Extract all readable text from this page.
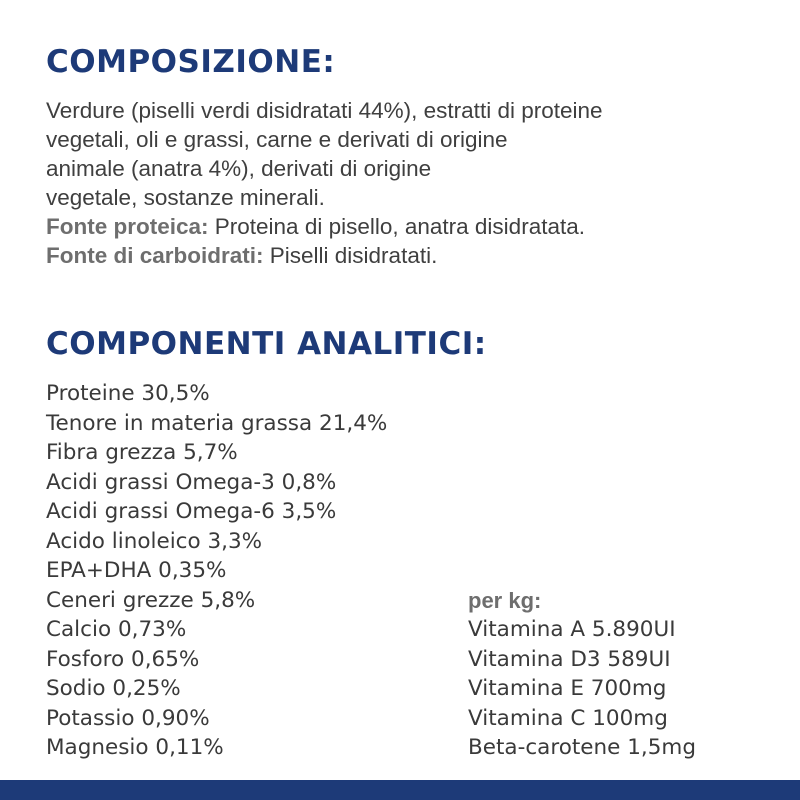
COMPOSIZIONE:
Verdure (piselli verdi disidratati 44%), estratti di proteine
vegetali, oli e grassi, carne e derivati di origine
animale (anatra 4%), derivati di origine
vegetale, sostanze minerali.
Fonte proteica: Proteina di pisello, anatra disidratata.
Fonte di carboidrati: Piselli disidratati.
COMPONENTI ANALITICI:
Proteine 30,5%
Tenore in materia grassa 21,4%
Fibra grezza 5,7%
Acidi grassi Omega-3 0,8%
Acidi grassi Omega-6 3,5%
Acido linoleico 3,3%
EPA+DHA 0,35%
Ceneri grezze 5,8%
Calcio 0,73%
Fosforo 0,65%
Sodio 0,25%
Potassio 0,90%
Magnesio 0,11%
per kg:
Vitamina A 5.890UI
Vitamina D3 589UI
Vitamina E 700mg
Vitamina C 100mg
Beta-carotene 1,5mg
